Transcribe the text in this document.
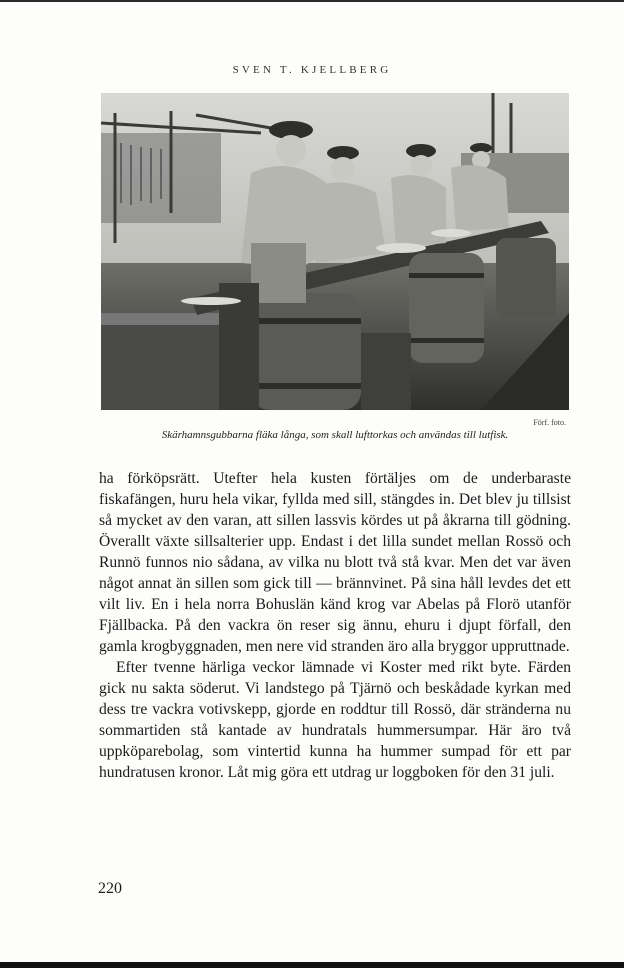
SVEN T. KJELLBERG
Förf. foto.
Skärhamnsgubbarna fläka långa, som skall lufttorkas och användas till lutfisk.

ha förköpsrätt. Utefter hela kusten förtäljes om de underbaraste fiskafängen, huru hela vikar, fyllda med sill, stängdes in. Det blev ju tillsist så mycket av den varan, att sillen lassvis kördes ut på åkrarna till gödning. Överallt växte sillsalterier upp. Endast i det lilla sundet mellan Rossö och Runnö funnos nio sådana, av vilka nu blott två stå kvar. Men det var även något annat än sillen som gick till — brännvinet. På sina håll levdes det ett vilt liv. En i hela norra Bohuslän känd krog var Abelas på Florö utanför Fjällbacka. På den vackra ön reser sig ännu, ehuru i djupt förfall, den gamla krogbyggnaden, men nere vid stranden äro alla bryggor uppruttnade.

Efter tvenne härliga veckor lämnade vi Koster med rikt byte. Färden gick nu sakta söderut. Vi landstego på Tjärnö och beskådade kyrkan med dess tre vackra votivskepp, gjorde en roddtur till Rossö, där stränderna nu sommartiden stå kantade av hundratals hummersumpar. Här äro två uppköparebolag, som vintertid kunna ha hummer sumpad för ett par hundratusen kronor. Låt mig göra ett utdrag ur loggboken för den 31 juli.

220
